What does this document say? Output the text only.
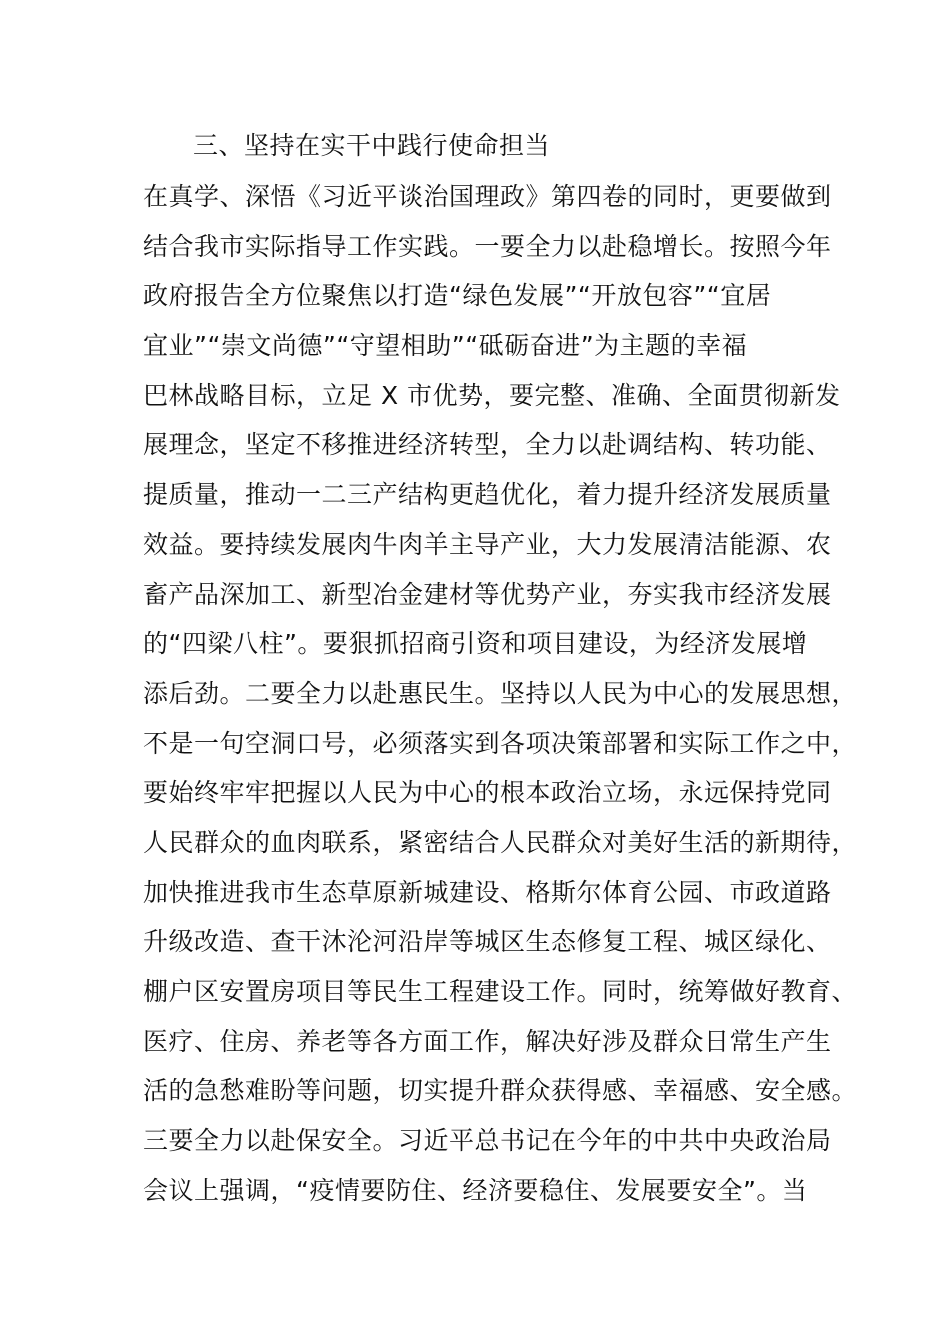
三、坚持在实干中践行使命担当
在真学、深悟《习近平谈治国理政》第四卷的同时，更要做到
结合我市实际指导工作实践。一要全力以赴稳增长。按照今年
政府报告全方位聚焦以打造“绿色发展”“开放包容”“宜居
宜业”“崇文尚德”“守望相助”“砥砺奋进”为主题的幸福
巴林战略目标，立足 X 市优势，要完整、准确、全面贯彻新发
展理念，坚定不移推进经济转型，全力以赴调结构、转功能、
提质量，推动一二三产结构更趋优化，着力提升经济发展质量
效益。要持续发展肉牛肉羊主导产业，大力发展清洁能源、农
畜产品深加工、新型冶金建材等优势产业，夯实我市经济发展
的“四梁八柱”。要狠抓招商引资和项目建设，为经济发展增
添后劲。二要全力以赴惠民生。坚持以人民为中心的发展思想，
不是一句空洞口号，必须落实到各项决策部署和实际工作之中，
要始终牢牢把握以人民为中心的根本政治立场，永远保持党同
人民群众的血肉联系，紧密结合人民群众对美好生活的新期待，
加快推进我市生态草原新城建设、格斯尔体育公园、市政道路
升级改造、查干沐沦河沿岸等城区生态修复工程、城区绿化、
棚户区安置房项目等民生工程建设工作。同时，统筹做好教育、
医疗、住房、养老等各方面工作，解决好涉及群众日常生产生
活的急愁难盼等问题，切实提升群众获得感、幸福感、安全感。
三要全力以赴保安全。习近平总书记在今年的中共中央政治局
会议上强调，“疫情要防住、经济要稳住、发展要安全”。当
